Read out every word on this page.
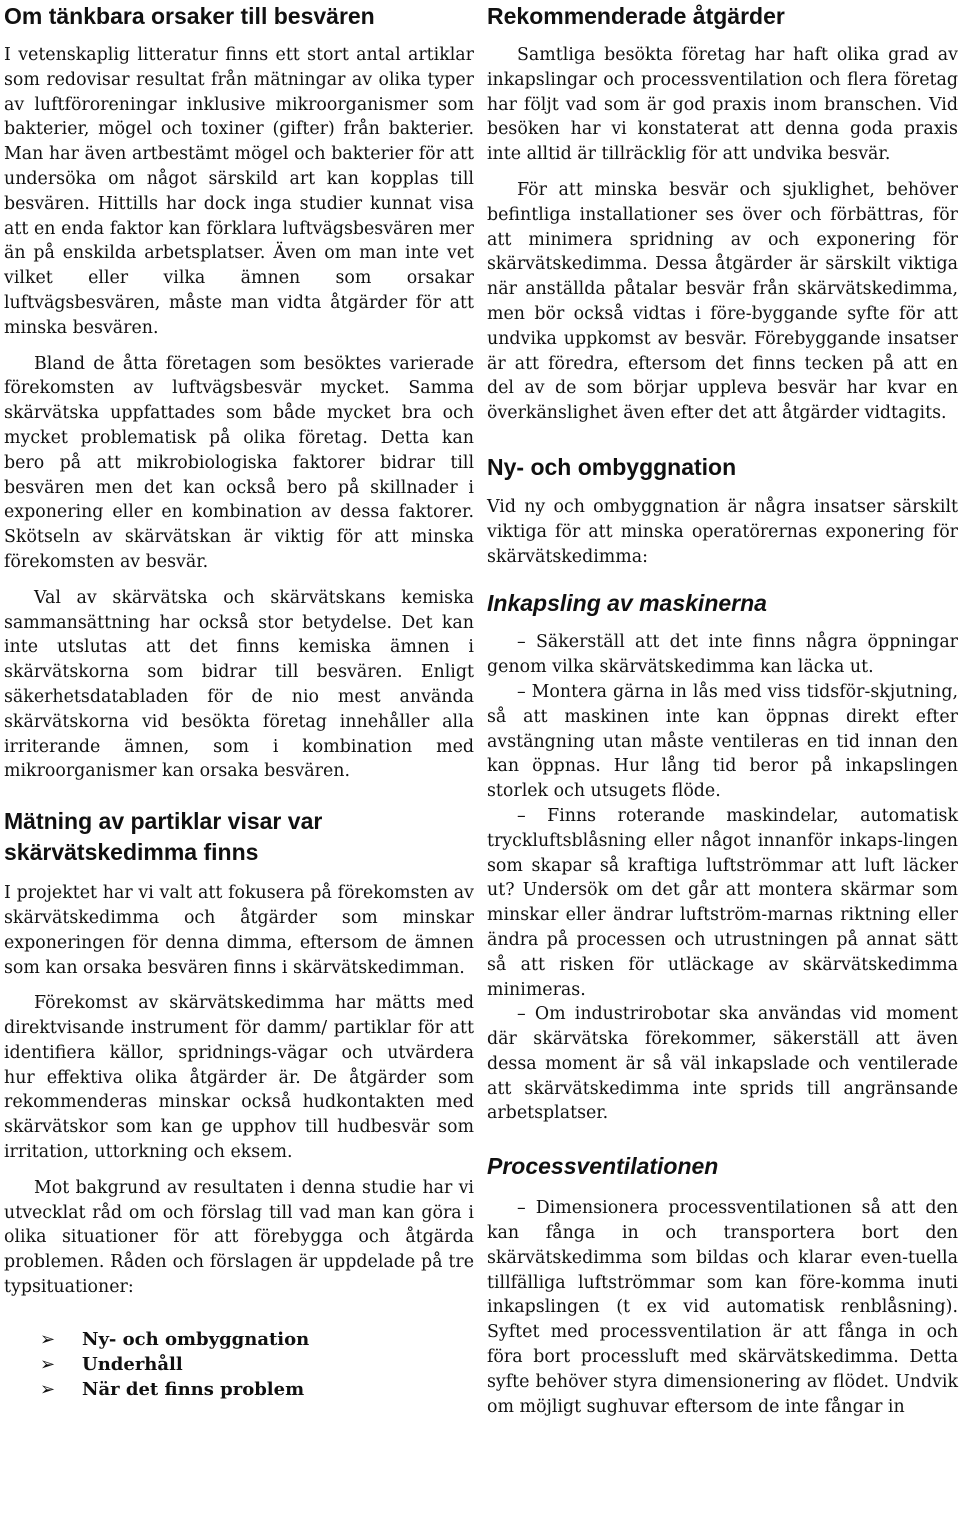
Om tänkbara orsaker till besvären

I vetenskaplig litteratur finns ett stort antal artiklar som redovisar resultat från mätningar av olika typer av luftföroreningar inklusive mikroorganismer som bakterier, mögel och toxiner (gifter) från bakterier. Man har även artbestämt mögel och bakterier för att undersöka om något särskild art kan kopplas till besvären. Hittills har dock inga studier kunnat visa att en enda faktor kan förklara luftvägsbesvären mer än på enskilda arbetsplatser. Även om man inte vet vilket eller vilka ämnen som orsakar luftvägsbesvären, måste man vidta åtgärder för att minska besvären.

Bland de åtta företagen som besöktes varierade förekomsten av luftvägsbesvär mycket. Samma skärvätska uppfattades som både mycket bra och mycket problematisk på olika företag. Detta kan bero på att mikrobiologiska faktorer bidrar till besvären men det kan också bero på skillnader i exponering eller en kombination av dessa faktorer. Skötseln av skärvätskan är viktig för att minska förekomsten av besvär.

Val av skärvätska och skärvätskans kemiska sammansättning har också stor betydelse. Det kan inte utslutas att det finns kemiska ämnen i skärvätskorna som bidrar till besvären. Enligt säkerhetsdatabladen för de nio mest använda skärvätskorna vid besökta företag innehåller alla irriterande ämnen, som i kombination med mikroorganismer kan orsaka besvären.

Mätning av partiklar visar var skärvätskedimma finns

I projektet har vi valt att fokusera på förekomsten av skärvätskedimma och åtgärder som minskar exponeringen för denna dimma, eftersom de ämnen som kan orsaka besvären finns i skärvätskedimman.

Förekomst av skärvätskedimma har mätts med direktvisande instrument för damm/ partiklar för att identifiera källor, spridnings-vägar och utvärdera hur effektiva olika åtgärder är. De åtgärder som rekommenderas minskar också hudkontakten med skärvätskor som kan ge upphov till hudbesvär som irritation, uttorkning och eksem.

Mot bakgrund av resultaten i denna studie har vi utvecklat råd om och förslag till vad man kan göra i olika situationer för att förebygga och åtgärda problemen. Råden och förslagen är uppdelade på tre typsituationer:

➢ Ny- och ombyggnation
➢ Underhåll
➢ När det finns problem
Rekommenderade åtgärder

Samtliga besökta företag har haft olika grad av inkapslingar och processventilation och flera företag har följt vad som är god praxis inom branschen. Vid besöken har vi konstaterat att denna goda praxis inte alltid är tillräcklig för att undvika besvär.

För att minska besvär och sjuklighet, behöver befintliga installationer ses över och förbättras, för att minimera spridning av och exponering för skärvätskedimma. Dessa åtgärder är särskilt viktiga när anställda påtalar besvär från skärvätskedimma, men bör också vidtas i före-byggande syfte för att undvika uppkomst av besvär. Förebyggande insatser är att föredra, eftersom det finns tecken på att en del av de som börjar uppleva besvär har kvar en överkänslighet även efter det att åtgärder vidtagits.

Ny- och ombyggnation

Vid ny och ombyggnation är några insatser särskilt viktiga för att minska operatörernas exponering för skärvätskedimma:

Inkapsling av maskinerna

– Säkerställ att det inte finns några öppningar genom vilka skärvätskedimma kan läcka ut.

– Montera gärna in lås med viss tidsför-skjutning, så att maskinen inte kan öppnas direkt efter avstängning utan måste ventileras en tid innan den kan öppnas. Hur lång tid beror på inkapslingen storlek och utsugets flöde.

– Finns roterande maskindelar, automatisk tryckluftsblåsning eller något innanför inkaps-lingen som skapar så kraftiga luftströmmar att luft läcker ut? Undersök om det går att montera skärmar som minskar eller ändrar luftström-marnas riktning eller ändra på processen och utrustningen på annat sätt så att risken för utläckage av skärvätskedimma minimeras.

– Om industrirobotar ska användas vid moment där skärvätska förekommer, säkerställ att även dessa moment är så väl inkapslade och ventilerade att skärvätskedimma inte sprids till angränsande arbetsplatser.

Processventilationen

– Dimensionera processventilationen så att den kan fånga in och transportera bort den skärvätskedimma som bildas och klarar even-tuella tillfälliga luftströmmar som kan före-komma inuti inkapslingen (t ex vid automatisk renblåsning). Syftet med processventilation är att fånga in och föra bort processluft med skärvätskedimma. Detta syfte behöver styra dimensionering av flödet. Undvik om möjligt sughuvar eftersom de inte fångar in
